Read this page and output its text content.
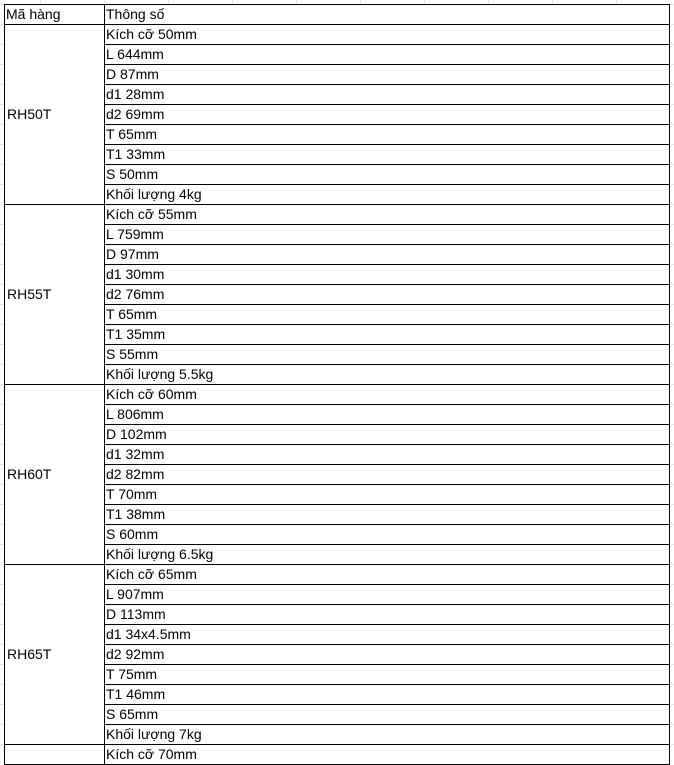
Mã hàng	Thông số
RH50T	Kích cỡ 50mm
	L 644mm
	D 87mm
	d1 28mm
	d2 69mm
	T 65mm
	T1 33mm
	S 50mm
	Khối lượng 4kg
RH55T	Kích cỡ 55mm
	L 759mm
	D 97mm
	d1 30mm
	d2 76mm
	T 65mm
	T1 35mm
	S 55mm
	Khối lượng 5.5kg
RH60T	Kích cỡ 60mm
	L 806mm
	D 102mm
	d1 32mm
	d2 82mm
	T 70mm
	T1 38mm
	S 60mm
	Khối lượng 6.5kg
RH65T	Kích cỡ 65mm
	L 907mm
	D 113mm
	d1 34x4.5mm
	d2 92mm
	T 75mm
	T1 46mm
	S 65mm
	Khối lượng 7kg
	Kích cỡ 70mm
